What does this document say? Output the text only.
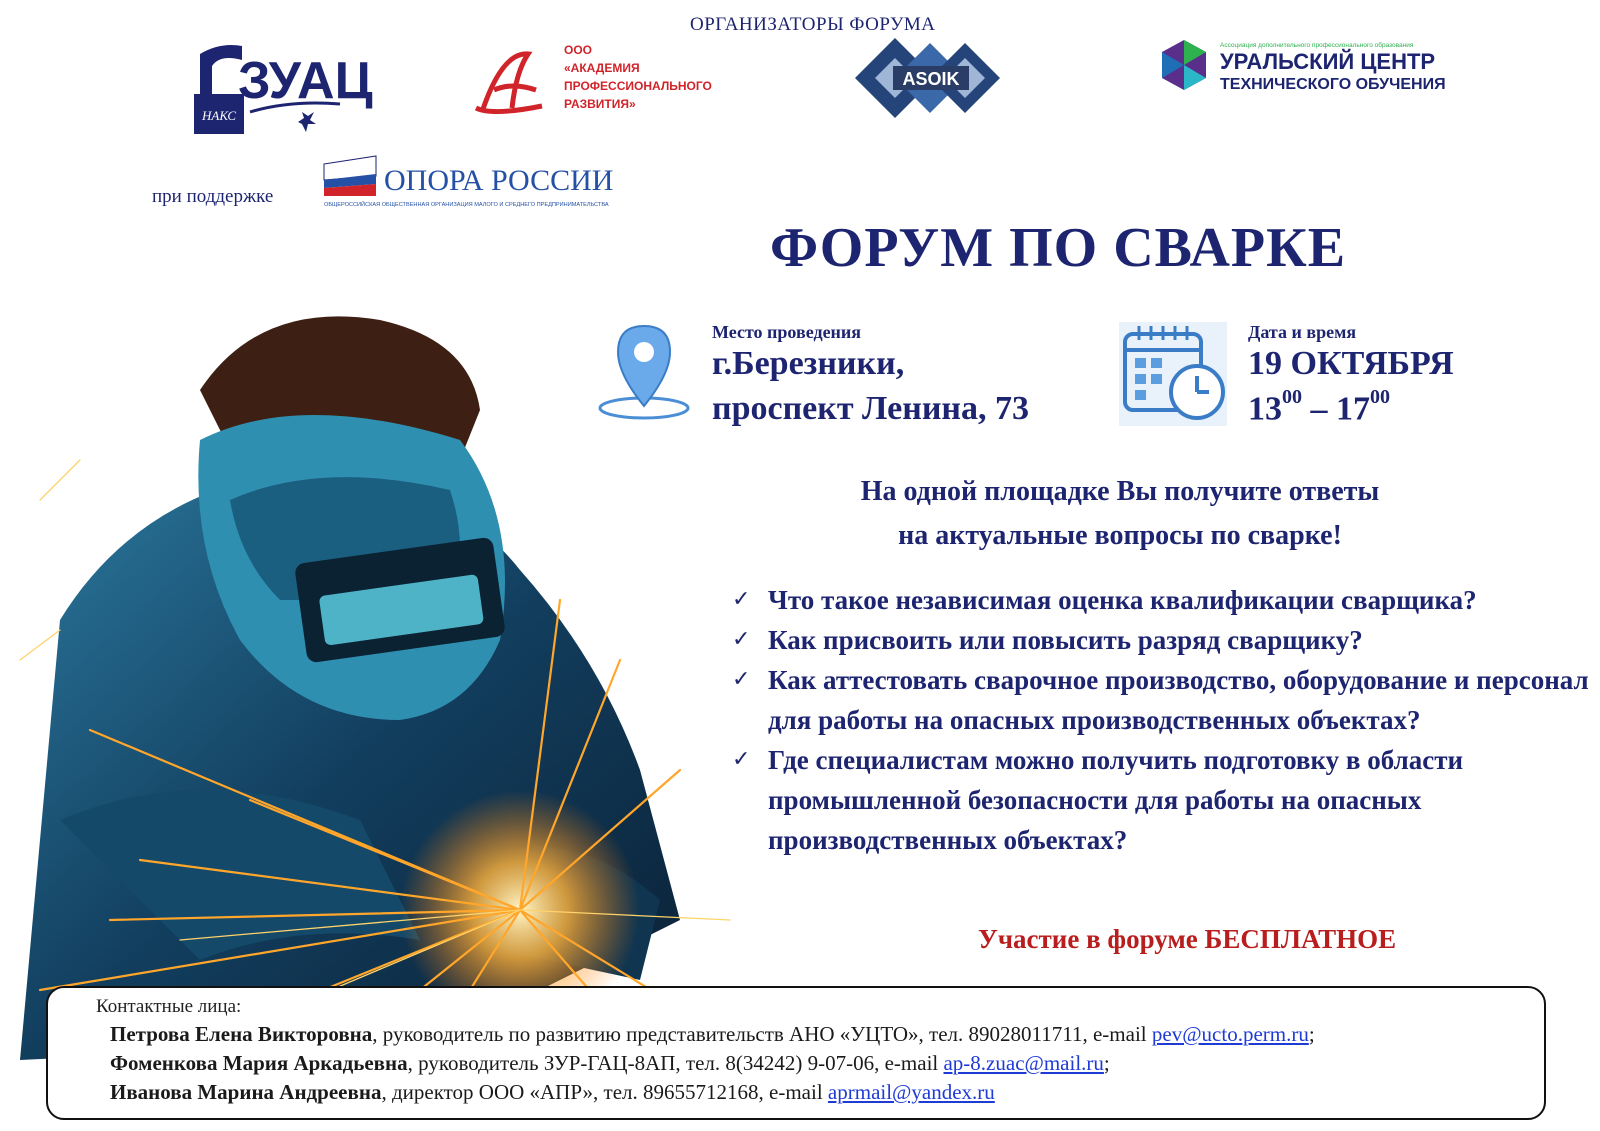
ОРГАНИЗАТОРЫ ФОРУМА
НАКС
ЗУАЦ
ООО
«АКАДЕМИЯ
ПРОФЕССИОНАЛЬНОГО
РАЗВИТИЯ»
ASOIK
Ассоциация дополнительного профессионального образования
УРАЛЬСКИЙ ЦЕНТР
ТЕХНИЧЕСКОГО ОБУЧЕНИЯ
при поддержке	ОПОРА РОССИИ
ОБЩЕРОССИЙСКАЯ ОБЩЕСТВЕННАЯ ОРГАНИЗАЦИЯ МАЛОГО И СРЕДНЕГО ПРЕДПРИНИМАТЕЛЬСТВА
ФОРУМ ПО СВАРКЕ
Место проведения
г.Березники,
проспект Ленина, 73
Дата и время
19 ОКТЯБРЯ
$13^{00} - 17^{00}$
На одной площадке Вы получите ответы
на актуальные вопросы по сварке!
✓ Что такое независимая оценка квалификации сварщика?
✓ Как присвоить или повысить разряд сварщику?
✓ Как аттестовать сварочное производство, оборудование и персонал для работы на опасных производственных объектах?
✓ Где специалистам можно получить подготовку в области промышленной безопасности для работы на опасных производственных объектах?
Участие в форуме БЕСПЛАТНОЕ
Контактные лица:
Петрова Елена Викторовна, руководитель по развитию представительств АНО «УЦТО», тел. 89028011711, e-mail pev@ucto.perm.ru;
Фоменкова Мария Аркадьевна, руководитель ЗУР-ГАЦ-8АП, тел. 8(34242) 9-07-06, e-mail ap-8.zuac@mail.ru;
Иванова Марина Андреевна, директор ООО «АПР», тел. 89655712168, e-mail aprmail@yandex.ru
